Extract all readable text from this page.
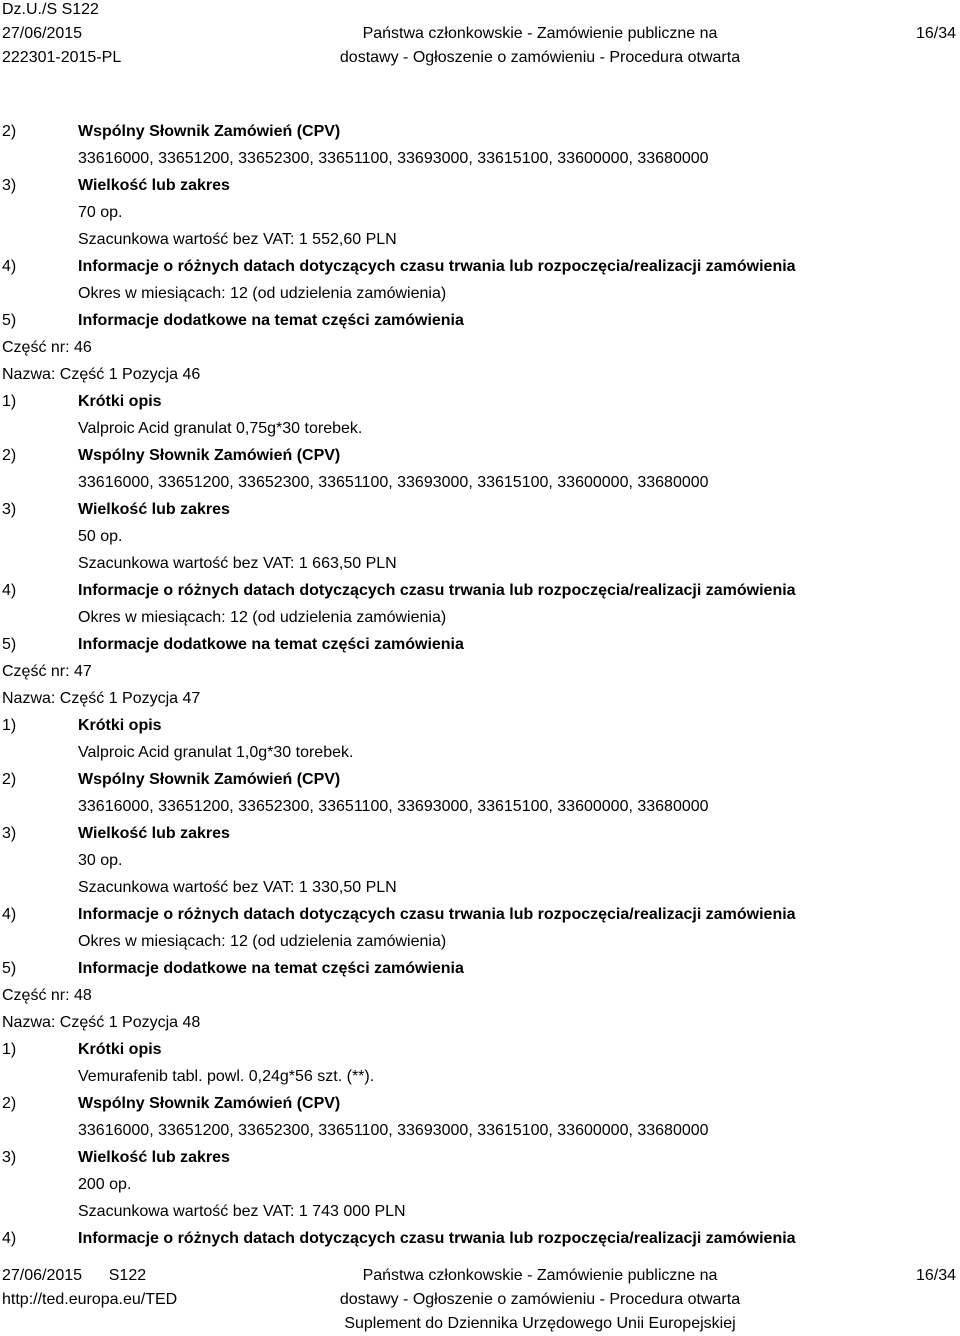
Dz.U./S S122
27/06/2015
222301-2015-PL
Państwa członkowskie - Zamówienie publiczne na
dostawy - Ogłoszenie o zamówieniu - Procedura otwarta
16/34
2)	Wspólny Słownik Zamówień (CPV)
33616000, 33651200, 33652300, 33651100, 33693000, 33615100, 33600000, 33680000
3)	Wielkość lub zakres
70 op.
Szacunkowa wartość bez VAT: 1 552,60 PLN
4)	Informacje o różnych datach dotyczących czasu trwania lub rozpoczęcia/realizacji zamówienia
Okres w miesiącach: 12 (od udzielenia zamówienia)
5)	Informacje dodatkowe na temat części zamówienia
Część nr: 46
Nazwa: Część 1 Pozycja 46
1)	Krótki opis
Valproic Acid granulat 0,75g*30 torebek.
2)	Wspólny Słownik Zamówień (CPV)
33616000, 33651200, 33652300, 33651100, 33693000, 33615100, 33600000, 33680000
3)	Wielkość lub zakres
50 op.
Szacunkowa wartość bez VAT: 1 663,50 PLN
4)	Informacje o różnych datach dotyczących czasu trwania lub rozpoczęcia/realizacji zamówienia
Okres w miesiącach: 12 (od udzielenia zamówienia)
5)	Informacje dodatkowe na temat części zamówienia
Część nr: 47
Nazwa: Część 1 Pozycja 47
1)	Krótki opis
Valproic Acid granulat 1,0g*30 torebek.
2)	Wspólny Słownik Zamówień (CPV)
33616000, 33651200, 33652300, 33651100, 33693000, 33615100, 33600000, 33680000
3)	Wielkość lub zakres
30 op.
Szacunkowa wartość bez VAT: 1 330,50 PLN
4)	Informacje o różnych datach dotyczących czasu trwania lub rozpoczęcia/realizacji zamówienia
Okres w miesiącach: 12 (od udzielenia zamówienia)
5)	Informacje dodatkowe na temat części zamówienia
Część nr: 48
Nazwa: Część 1 Pozycja 48
1)	Krótki opis
Vemurafenib tabl. powl. 0,24g*56 szt. (**).
2)	Wspólny Słownik Zamówień (CPV)
33616000, 33651200, 33652300, 33651100, 33693000, 33615100, 33600000, 33680000
3)	Wielkość lub zakres
200 op.
Szacunkowa wartość bez VAT: 1 743 000 PLN
4)	Informacje o różnych datach dotyczących czasu trwania lub rozpoczęcia/realizacji zamówienia
27/06/2015      S122
http://ted.europa.eu/TED
Państwa członkowskie - Zamówienie publiczne na
dostawy - Ogłoszenie o zamówieniu - Procedura otwarta
Suplement do Dziennika Urzędowego Unii Europejskiej
16/34
